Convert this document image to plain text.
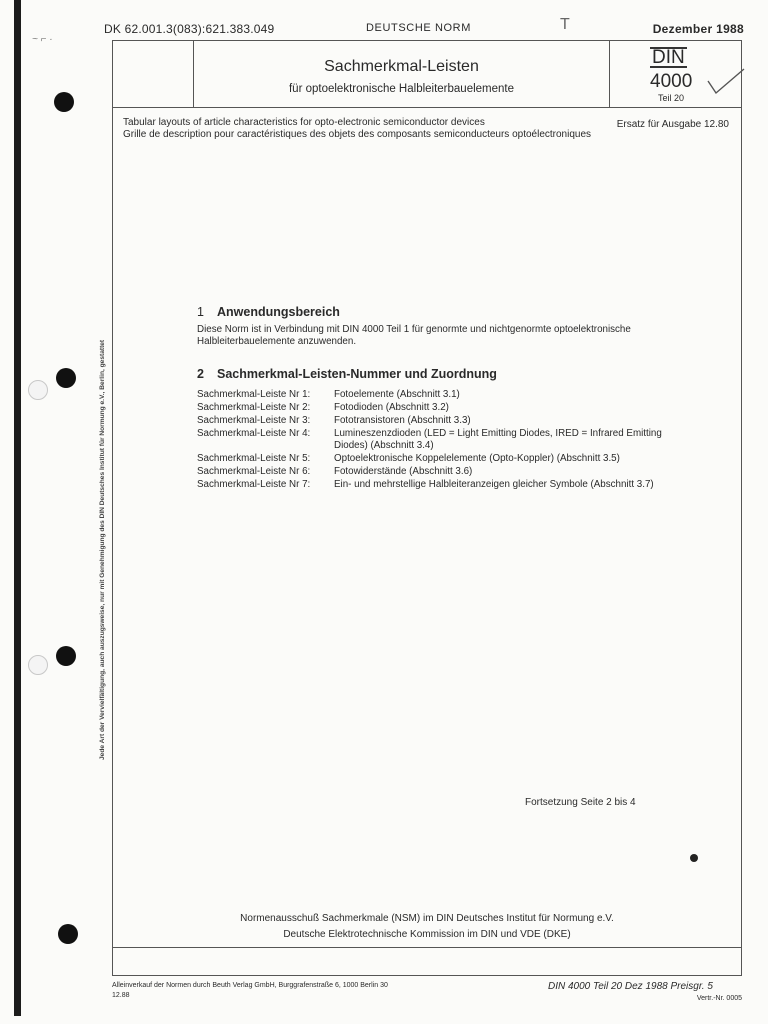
~ ⌐ ·
Jede Art der Vervielfältigung, auch auszugsweise, nur mit Genehmigung des DIN Deutsches Institut für Normung e.V., Berlin, gestattet
DK 62.001.3(083):621.383.049	DEUTSCHE NORM	T	Dezember 1988
Sachmerkmal-Leisten
für optoelektronische Halbleiterbauelemente
DIN
4000
Teil 20
Tabular layouts of article characteristics for opto-electronic semiconductor devices
Grille de description pour caractéristiques des objets des composants semiconducteurs optoélectroniques
Ersatz für Ausgabe 12.80
1 Anwendungsbereich
Diese Norm ist in Verbindung mit DIN 4000 Teil 1 für genormte und nichtgenormte optoelektronische Halbleiterbauelemente anzuwenden.
2 Sachmerkmal-Leisten-Nummer und Zuordnung
Sachmerkmal-Leiste Nr 1:	Fotoelemente (Abschnitt 3.1)
Sachmerkmal-Leiste Nr 2:	Fotodioden (Abschnitt 3.2)
Sachmerkmal-Leiste Nr 3:	Fototransistoren (Abschnitt 3.3)
Sachmerkmal-Leiste Nr 4:	Lumineszenzdioden (LED = Light Emitting Diodes, IRED = Infrared Emitting Diodes) (Abschnitt 3.4)
Sachmerkmal-Leiste Nr 5:	Optoelektronische Koppelelemente (Opto-Koppler) (Abschnitt 3.5)
Sachmerkmal-Leiste Nr 6:	Fotowiderstände (Abschnitt 3.6)
Sachmerkmal-Leiste Nr 7:	Ein- und mehrstellige Halbleiteranzeigen gleicher Symbole (Abschnitt 3.7)
Fortsetzung Seite 2 bis 4
Normenausschuß Sachmerkmale (NSM) im DIN Deutsches Institut für Normung e.V.
Deutsche Elektrotechnische Kommission im DIN und VDE (DKE)
Alleinverkauf der Normen durch Beuth Verlag GmbH, Burggrafenstraße 6, 1000 Berlin 30
12.88
DIN 4000 Teil 20 Dez 1988 Preisgr. 5
Vertr.-Nr. 0005
